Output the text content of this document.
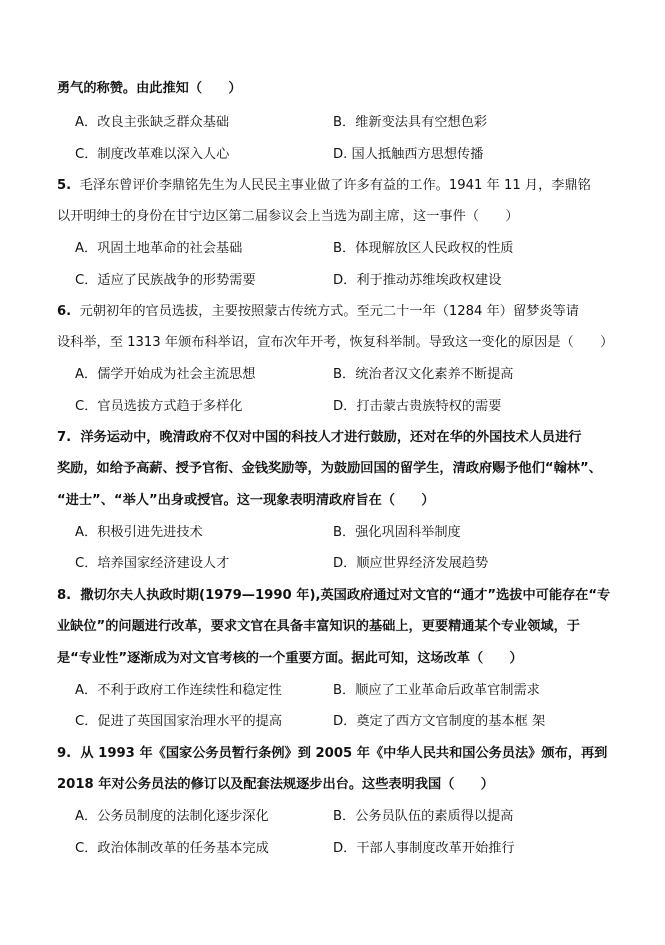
勇气的称赞。由此推知（　　）
A．改良主张缺乏群众基础	B．维新变法具有空想色彩
C．制度改革难以深入人心	D. 国人抵触西方思想传播
5. 毛泽东曾评价李鼎铭先生为人民民主事业做了许多有益的工作。1941 年 11 月，李鼎铭
以开明绅士的身份在甘宁边区第二届参议会上当选为副主席，这一事件（　　）
A．巩固土地革命的社会基础	B．体现解放区人民政权的性质
C．适应了民族战争的形势需要	D．利于推动苏维埃政权建设
6. 元朝初年的官员选拔，主要按照蒙古传统方式。至元二十一年（1284 年）留梦炎等请
设科举，至 1313 年颁布科举诏，宣布次年开考，恢复科举制。导致这一变化的原因是（　　）
A．儒学开始成为社会主流思想	B．统治者汉文化素养不断提高
C．官员选拔方式趋于多样化	D．打击蒙古贵族特权的需要
7. 洋务运动中，晚清政府不仅对中国的科技人才进行鼓励，还对在华的外国技术人员进行
奖励，如给予高薪、授予官衔、金钱奖励等，为鼓励回国的留学生，清政府赐予他们“翰林”、
“进士”、“举人”出身或授官。这一现象表明清政府旨在（　　）
A．积极引进先进技术	B．强化巩固科举制度
C．培养国家经济建设人才	D．顺应世界经济发展趋势
8. 撒切尔夫人执政时期(1979—1990 年),英国政府通过对文官的“通才”选拔中可能存在“专
业缺位”的问题进行改革，要求文官在具备丰富知识的基础上，更要精通某个专业领域，于
是“专业性”逐渐成为对文官考核的一个重要方面。据此可知，这场改革（　　）
A．不利于政府工作连续性和稳定性	B．顺应了工业革命后政革官制需求
C．促进了英国国家治理水平的提高	D．奠定了西方文官制度的基本框 架
9. 从 1993 年《国家公务员暂行条例》到 2005 年《中华人民共和国公务员法》颁布，再到
2018 年对公务员法的修订以及配套法规逐步出台。这些表明我国（　　）
A．公务员制度的法制化逐步深化	B．公务员队伍的素质得以提高
C．政治体制改革的任务基本完成	D．干部人事制度改革开始推行
